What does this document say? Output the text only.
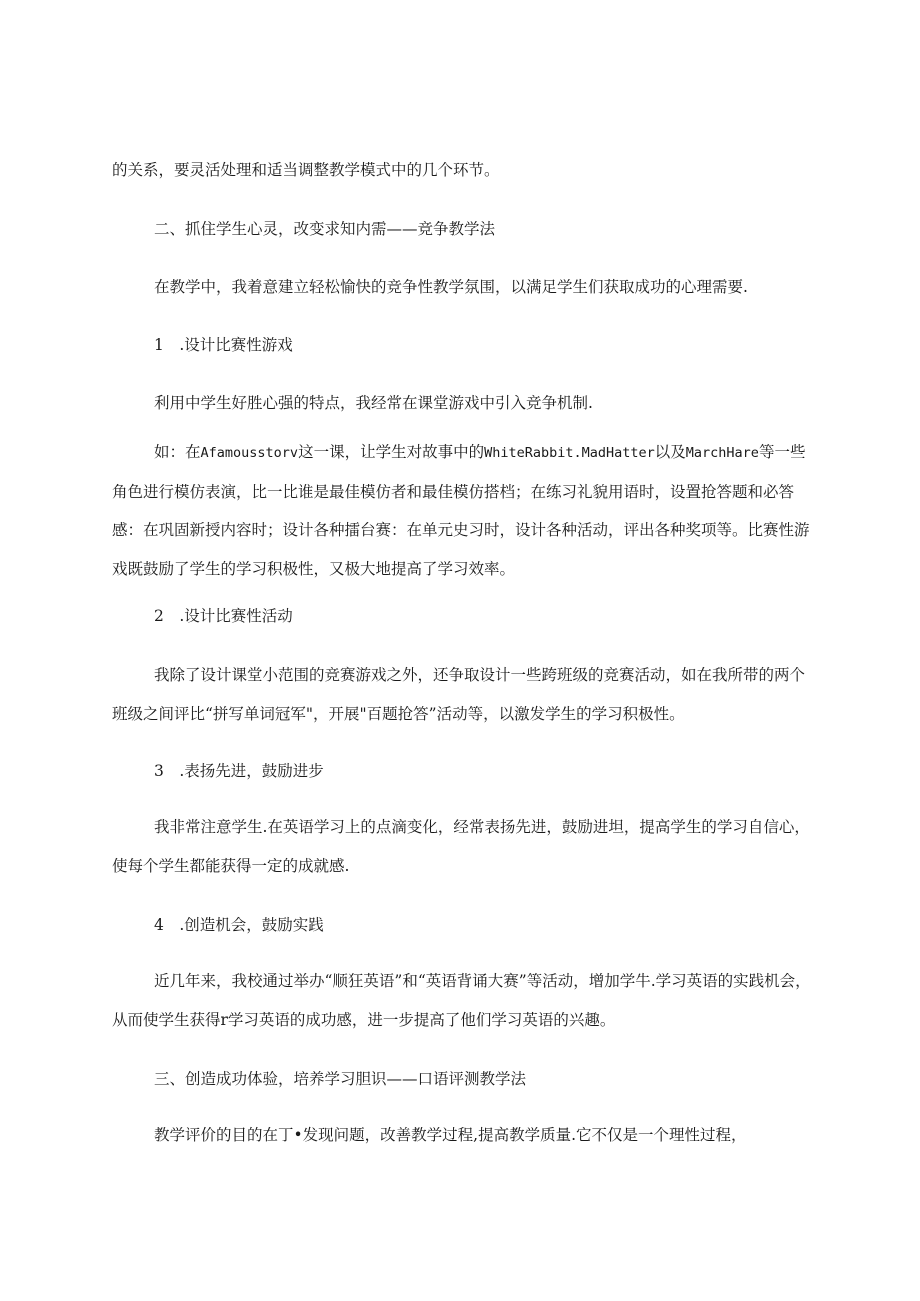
的关系，要灵活处理和适当调整教学模式中的几个环节。

二、抓住学生心灵，改变求知内需——竞争教学法

在教学中，我着意建立轻松愉快的竞争性教学氛围，以满足学生们获取成功的心理需要.

1　.设计比赛性游戏

利用中学生好胜心强的特点，我经常在课堂游戏中引入竞争机制.

如：在Afamousstorv这一课，让学生对故事中的WhiteRabbit.MadHatter以及MarchHare等一些角色进行模仿表演，比一比谁是最佳模仿者和最佳模仿搭档；在练习礼貌用语时，设置抢答题和必答感：在巩固新授内容时；设计各种擂台赛：在单元史习时，设计各种活动，评出各种奖项等。比赛性游戏既鼓励了学生的学习积极性，又极大地提高了学习效率。

2　.设计比赛性活动

我除了设计课堂小范围的竞赛游戏之外，还争取设计一些跨班级的竞赛活动，如在我所带的两个班级之间评比“拼写单词冠军"，开展"百题抢答”活动等，以激发学生的学习积极性。

3　.表扬先进，鼓励进步

我非常注意学生.在英语学习上的点滴变化，经常表扬先进，鼓励进坦，提高学生的学习自信心，使每个学生都能获得一定的成就感.

4　.创造机会，鼓励实践

近几年来，我校通过举办“顺狂英语”和“英语背诵大赛”等活动，增加学牛.学习英语的实践机会，从而使学生获得r学习英语的成功感，进一步提高了他们学习英语的兴趣。

三、创造成功体验，培养学习胆识——口语评测教学法

教学评价的目的在丁•发现问题，改善教学过程,提高教学质量.它不仅是一个理性过程，
